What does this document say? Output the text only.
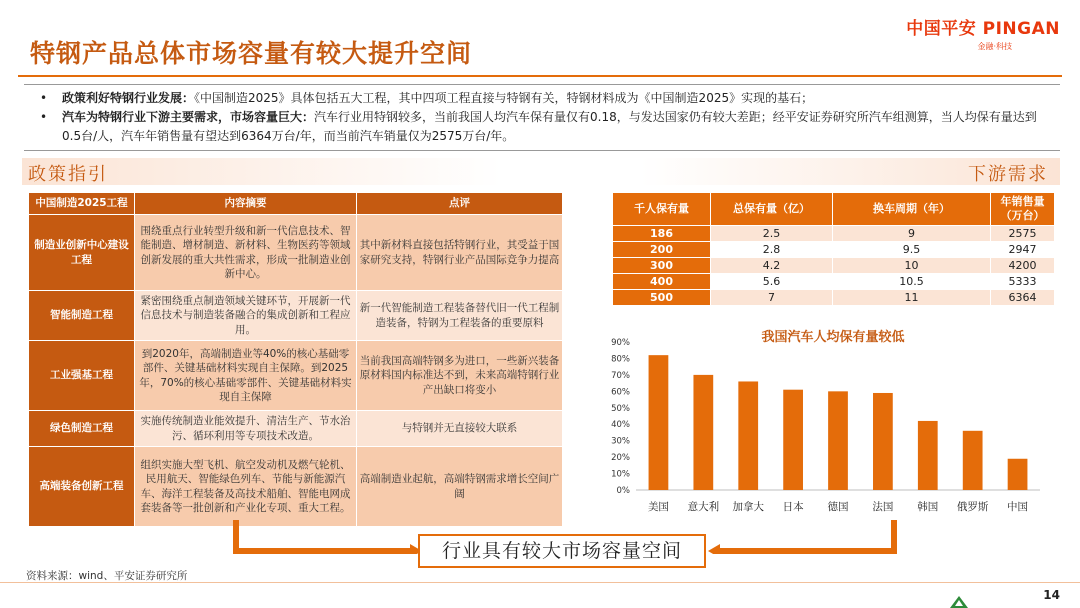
特钢产品总体市场容量有较大提升空间
中国平安 PINGAN
金融·科技
• 政策利好特钢行业发展：《中国制造2025》具体包括五大工程，其中四项工程直接与特钢有关，特钢材料成为《中国制造2025》实现的基石；
• 汽车为特钢行业下游主要需求，市场容量巨大：汽车行业用特钢较多，当前我国人均汽车保有量仅有0.18，与发达国家仍有较大差距；经平安证券研究所汽车组测算，当人均保有量达到0.5台/人，汽车年销售量有望达到6364万台/年，而当前汽车销量仅为2575万台/年。
政策指引	下游需求
中国制造2025工程	内容摘要	点评
制造业创新中心建设工程	围绕重点行业转型升级和新一代信息技术、智能制造、增材制造、新材料、生物医药等领域创新发展的重大共性需求，形成一批制造业创新中心。	其中新材料直接包括特钢行业，其受益于国家研究支持，特钢行业产品国际竞争力提高
智能制造工程	紧密围绕重点制造领域关键环节，开展新一代信息技术与制造装备融合的集成创新和工程应用。	新一代智能制造工程装备替代旧一代工程制造装备，特钢为工程装备的重要原料
工业强基工程	到2020年，高端制造业等40%的核心基础零部件、关键基础材料实现自主保障。到2025年，70%的核心基础零部件、关键基础材料实现自主保障	当前我国高端特钢多为进口，一些新兴装备原材料国内标准达不到，未来高端特钢行业产出缺口将变小
绿色制造工程	实施传统制造业能效提升、清洁生产、节水治污、循环利用等专项技术改造。	与特钢并无直接较大联系
高端装备创新工程	组织实施大型飞机、航空发动机及燃气轮机、民用航天、智能绿色列车、节能与新能源汽车、海洋工程装备及高技术船舶、智能电网成套装备等一批创新和产业化专项、重大工程。	高端制造业起航，高端特钢需求增长空间广阔
千人保有量	总保有量（亿）	换车周期（年）	年销售量（万台）
186	2.5	9	2575
200	2.8	9.5	2947
300	4.2	10	4200
400	5.6	10.5	5333
500	7	11	6364
我国汽车人均保有量较低
0%
10%
20%
30%
40%
50%
60%
70%
80%
90%
美国 意大利 加拿大 日本 德国 法国 韩国 俄罗斯 中国
行业具有较大市场容量空间
资料来源：wind、平安证券研究所
14
